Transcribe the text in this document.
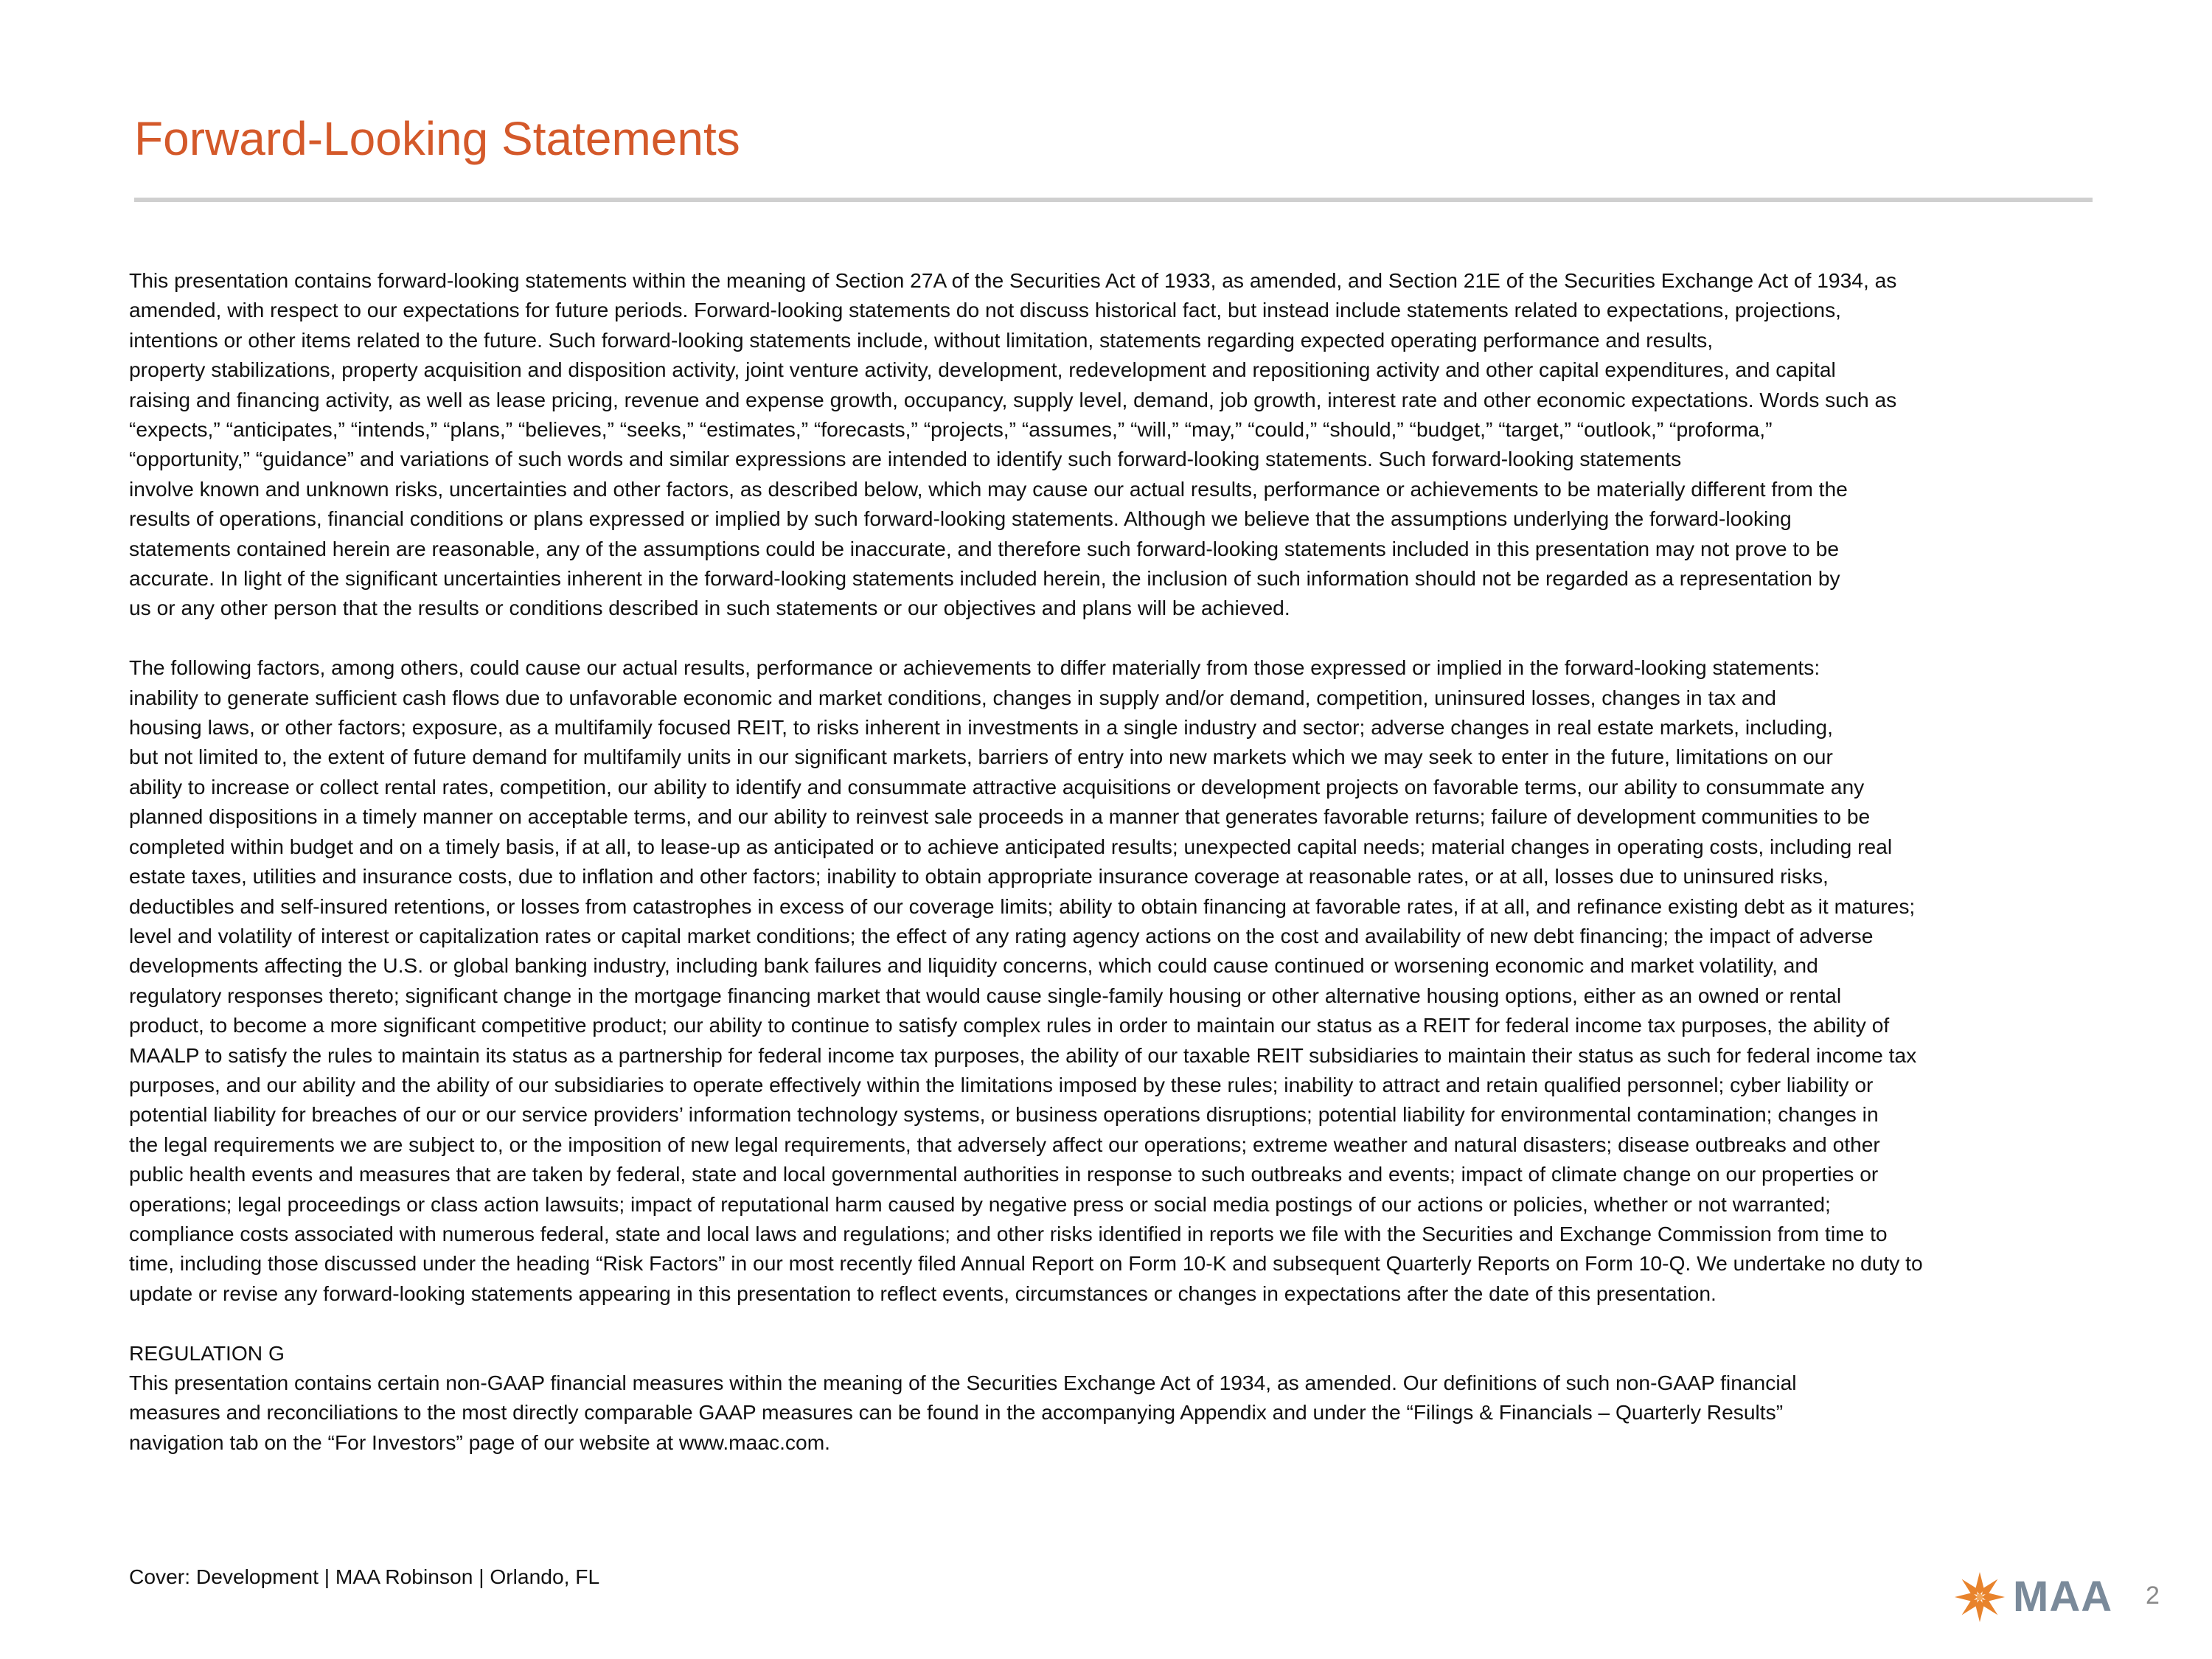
Forward-Looking Statements

This presentation contains forward-looking statements within the meaning of Section 27A of the Securities Act of 1933, as amended, and Section 21E of the Securities Exchange Act of 1934, as
amended, with respect to our expectations for future periods. Forward-looking statements do not discuss historical fact, but instead include statements related to expectations, projections,
intentions or other items related to the future. Such forward-looking statements include, without limitation, statements regarding expected operating performance and results,
property stabilizations, property acquisition and disposition activity, joint venture activity, development, redevelopment and repositioning activity and other capital expenditures, and capital
raising and financing activity, as well as lease pricing, revenue and expense growth, occupancy, supply level, demand, job growth, interest rate and other economic expectations. Words such as
“expects,” “anticipates,” “intends,” “plans,” “believes,” “seeks,” “estimates,” “forecasts,” “projects,” “assumes,” “will,” “may,” “could,” “should,” “budget,” “target,” “outlook,” “proforma,”
“opportunity,” “guidance” and variations of such words and similar expressions are intended to identify such forward-looking statements. Such forward-looking statements
involve known and unknown risks, uncertainties and other factors, as described below, which may cause our actual results, performance or achievements to be materially different from the
results of operations, financial conditions or plans expressed or implied by such forward-looking statements. Although we believe that the assumptions underlying the forward-looking
statements contained herein are reasonable, any of the assumptions could be inaccurate, and therefore such forward-looking statements included in this presentation may not prove to be
accurate. In light of the significant uncertainties inherent in the forward-looking statements included herein, the inclusion of such information should not be regarded as a representation by
us or any other person that the results or conditions described in such statements or our objectives and plans will be achieved.

The following factors, among others, could cause our actual results, performance or achievements to differ materially from those expressed or implied in the forward-looking statements:
inability to generate sufficient cash flows due to unfavorable economic and market conditions, changes in supply and/or demand, competition, uninsured losses, changes in tax and
housing laws, or other factors; exposure, as a multifamily focused REIT, to risks inherent in investments in a single industry and sector; adverse changes in real estate markets, including,
but not limited to, the extent of future demand for multifamily units in our significant markets, barriers of entry into new markets which we may seek to enter in the future, limitations on our
ability to increase or collect rental rates, competition, our ability to identify and consummate attractive acquisitions or development projects on favorable terms, our ability to consummate any
planned dispositions in a timely manner on acceptable terms, and our ability to reinvest sale proceeds in a manner that generates favorable returns; failure of development communities to be
completed within budget and on a timely basis, if at all, to lease-up as anticipated or to achieve anticipated results; unexpected capital needs; material changes in operating costs, including real
estate taxes, utilities and insurance costs, due to inflation and other factors; inability to obtain appropriate insurance coverage at reasonable rates, or at all, losses due to uninsured risks,
deductibles and self-insured retentions, or losses from catastrophes in excess of our coverage limits; ability to obtain financing at favorable rates, if at all, and refinance existing debt as it matures;
level and volatility of interest or capitalization rates or capital market conditions; the effect of any rating agency actions on the cost and availability of new debt financing; the impact of adverse
developments affecting the U.S. or global banking industry, including bank failures and liquidity concerns, which could cause continued or worsening economic and market volatility, and
regulatory responses thereto; significant change in the mortgage financing market that would cause single-family housing or other alternative housing options, either as an owned or rental
product, to become a more significant competitive product; our ability to continue to satisfy complex rules in order to maintain our status as a REIT for federal income tax purposes, the ability of
MAALP to satisfy the rules to maintain its status as a partnership for federal income tax purposes, the ability of our taxable REIT subsidiaries to maintain their status as such for federal income tax
purposes, and our ability and the ability of our subsidiaries to operate effectively within the limitations imposed by these rules; inability to attract and retain qualified personnel; cyber liability or
potential liability for breaches of our or our service providers’ information technology systems, or business operations disruptions; potential liability for environmental contamination; changes in
the legal requirements we are subject to, or the imposition of new legal requirements, that adversely affect our operations; extreme weather and natural disasters; disease outbreaks and other
public health events and measures that are taken by federal, state and local governmental authorities in response to such outbreaks and events; impact of climate change on our properties or
operations; legal proceedings or class action lawsuits; impact of reputational harm caused by negative press or social media postings of our actions or policies, whether or not warranted;
compliance costs associated with numerous federal, state and local laws and regulations; and other risks identified in reports we file with the Securities and Exchange Commission from time to
time, including those discussed under the heading “Risk Factors” in our most recently filed Annual Report on Form 10-K and subsequent Quarterly Reports on Form 10-Q. We undertake no duty to
update or revise any forward-looking statements appearing in this presentation to reflect events, circumstances or changes in expectations after the date of this presentation.

REGULATION G

This presentation contains certain non-GAAP financial measures within the meaning of the Securities Exchange Act of 1934, as amended. Our definitions of such non-GAAP financial
measures and reconciliations to the most directly comparable GAAP measures can be found in the accompanying Appendix and under the “Filings & Financials – Quarterly Results”
navigation tab on the “For Investors” page of our website at www.maac.com.

Cover: Development | MAA Robinson | Orlando, FL	MAA 2
